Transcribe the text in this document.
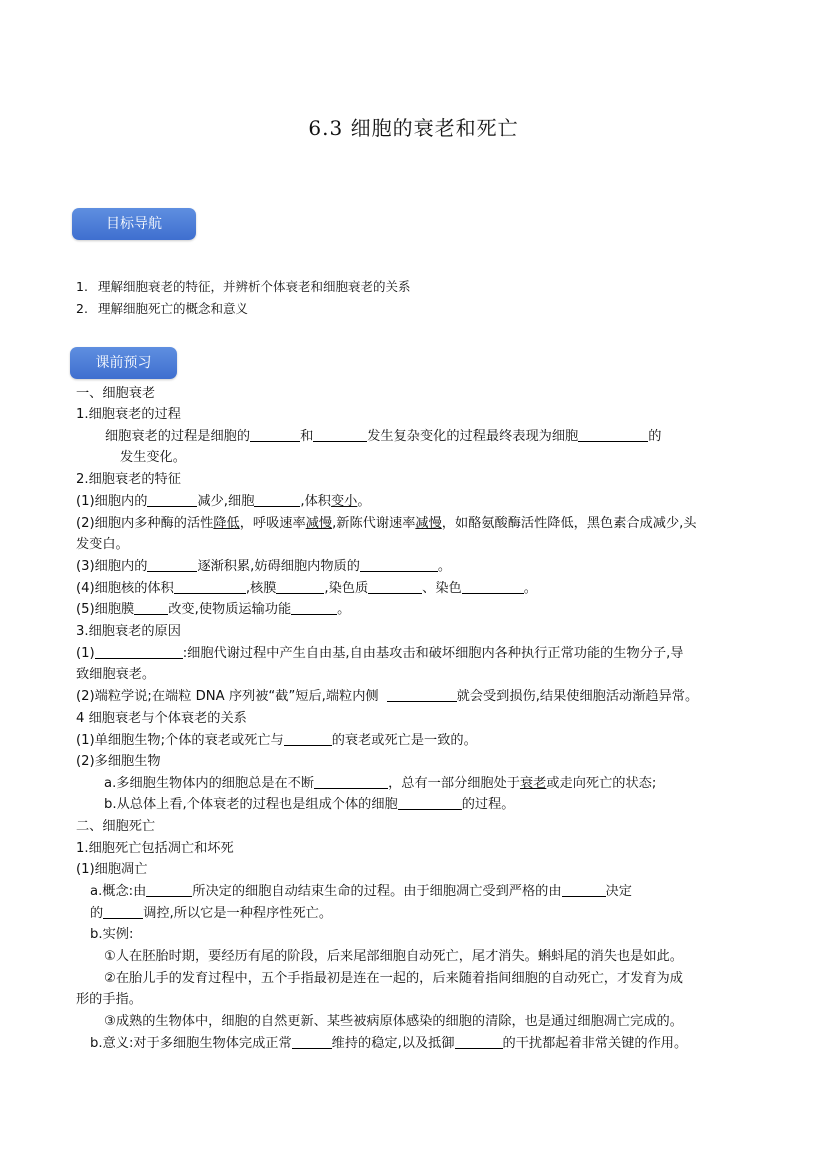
6.3 细胞的衰老和死亡
目标导航
1. 理解细胞衰老的特征，并辨析个体衰老和细胞衰老的关系
2. 理解细胞死亡的概念和意义
课前预习
一、细胞衰老
1.细胞衰老的过程
细胞衰老的过程是细胞的	和	发生复杂变化的过程最终表现为细胞	的
发生变化。
2.细胞衰老的特征
(1)细胞内的	减少,细胞	,体积变小。
(2)细胞内多种酶的活性降低，呼吸速率减慢,新陈代谢速率减慢，如酪氨酸酶活性降低，黑色素合成减少,头
发变白。
(3)细胞内的	逐渐积累,妨碍细胞内物质的	。
(4)细胞核的体积	,核膜	,染色质	、染色	。
(5)细胞膜	改变,使物质运输功能	。
3.细胞衰老的原因
(1)	:细胞代谢过程中产生自由基,自由基攻击和破坏细胞内各种执行正常功能的生物分子,导
致细胞衰老。
(2)端粒学说;在端粒 DNA 序列被“截”短后,端粒内侧	就会受到损伤,结果使细胞活动渐趋异常。
4 细胞衰老与个体衰老的关系
(1)单细胞生物;个体的衰老或死亡与	的衰老或死亡是一致的。
(2)多细胞生物
a.多细胞生物体内的细胞总是在不断	，总有一部分细胞处于衰老或走向死亡的状态;
b.从总体上看,个体衰老的过程也是组成个体的细胞	的过程。
二、细胞死亡
1.细胞死亡包括凋亡和坏死
(1)细胞凋亡
a.概念:由	所决定的细胞自动结束生命的过程。由于细胞凋亡受到严格的由	决定
的	调控,所以它是一种程序性死亡。
b.实例:
①人在胚胎时期，要经历有尾的阶段，后来尾部细胞自动死亡，尾才消失。蝌蚪尾的消失也是如此。
②在胎儿手的发育过程中，五个手指最初是连在一起的，后来随着指间细胞的自动死亡，才发育为成
形的手指。
③成熟的生物体中，细胞的自然更新、某些被病原体感染的细胞的清除，也是通过细胞凋亡完成的。
b.意义:对于多细胞生物体完成正常	维持的稳定,以及抵御	的干扰都起着非常关键的作用。
